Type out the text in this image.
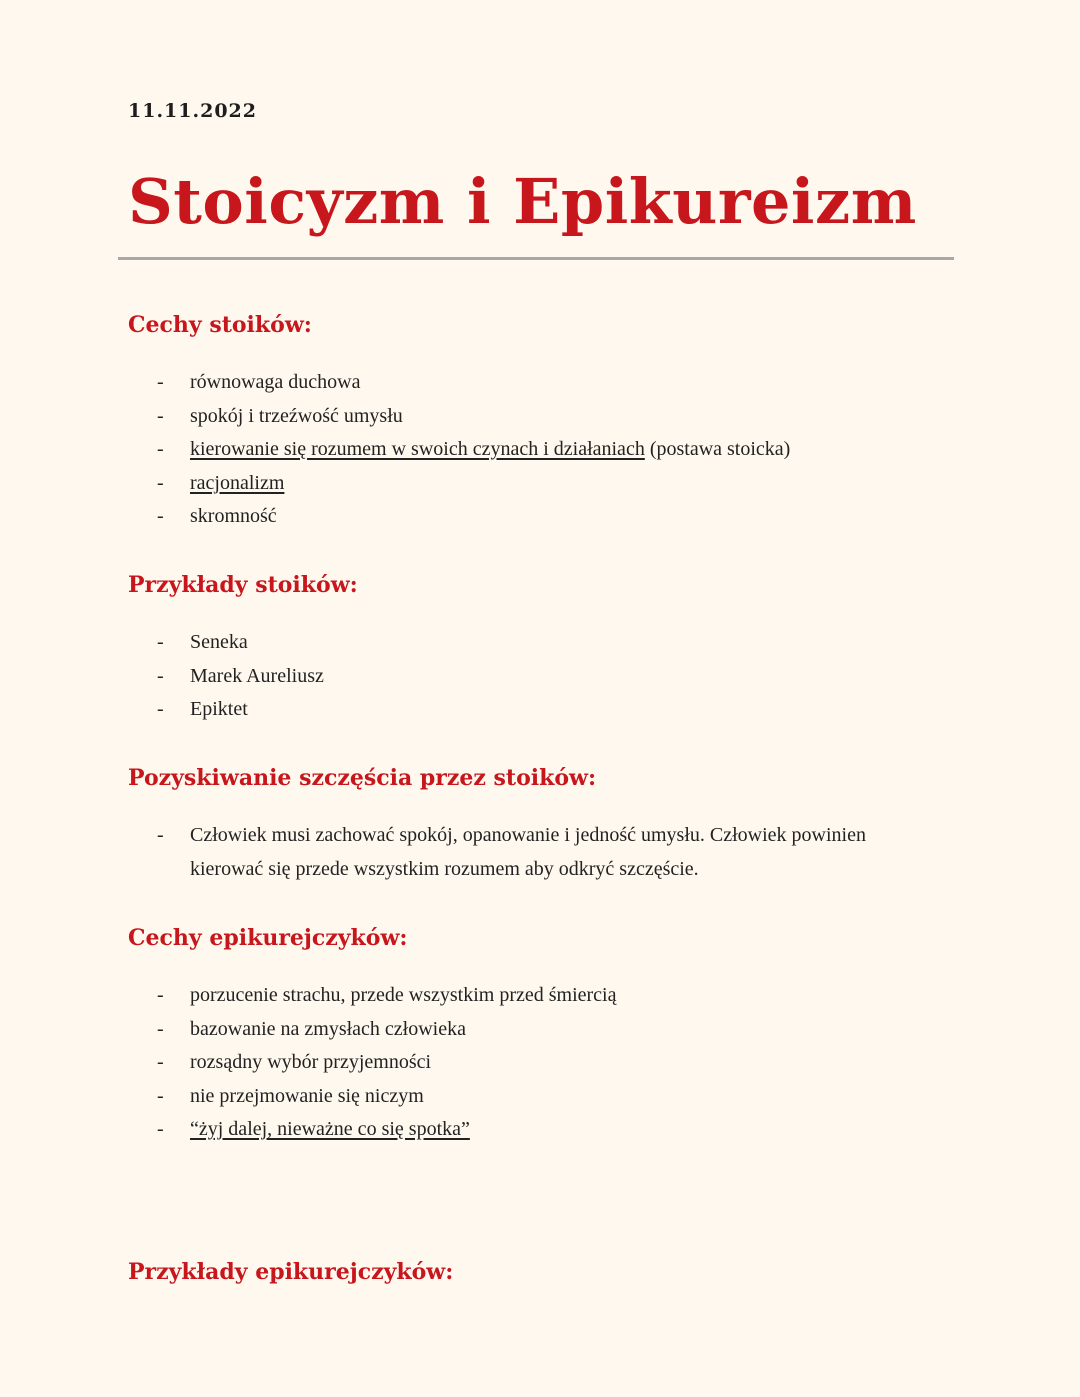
11.11.2022
Stoicyzm i Epikureizm
Cechy stoików:
- równowaga duchowa
- spokój i trzeźwość umysłu
- kierowanie się rozumem w swoich czynach i działaniach (postawa stoicka)
- racjonalizm
- skromność
Przykłady stoików:
- Seneka
- Marek Aureliusz
- Epiktet
Pozyskiwanie szczęścia przez stoików:
- Człowiek musi zachować spokój, opanowanie i jedność umysłu. Człowiek powinien kierować się przede wszystkim rozumem aby odkryć szczęście.
Cechy epikurejczyków:
- porzucenie strachu, przede wszystkim przed śmiercią
- bazowanie na zmysłach człowieka
- rozsądny wybór przyjemności
- nie przejmowanie się niczym
- “żyj dalej, nieważne co się spotka”
Przykłady epikurejczyków:
